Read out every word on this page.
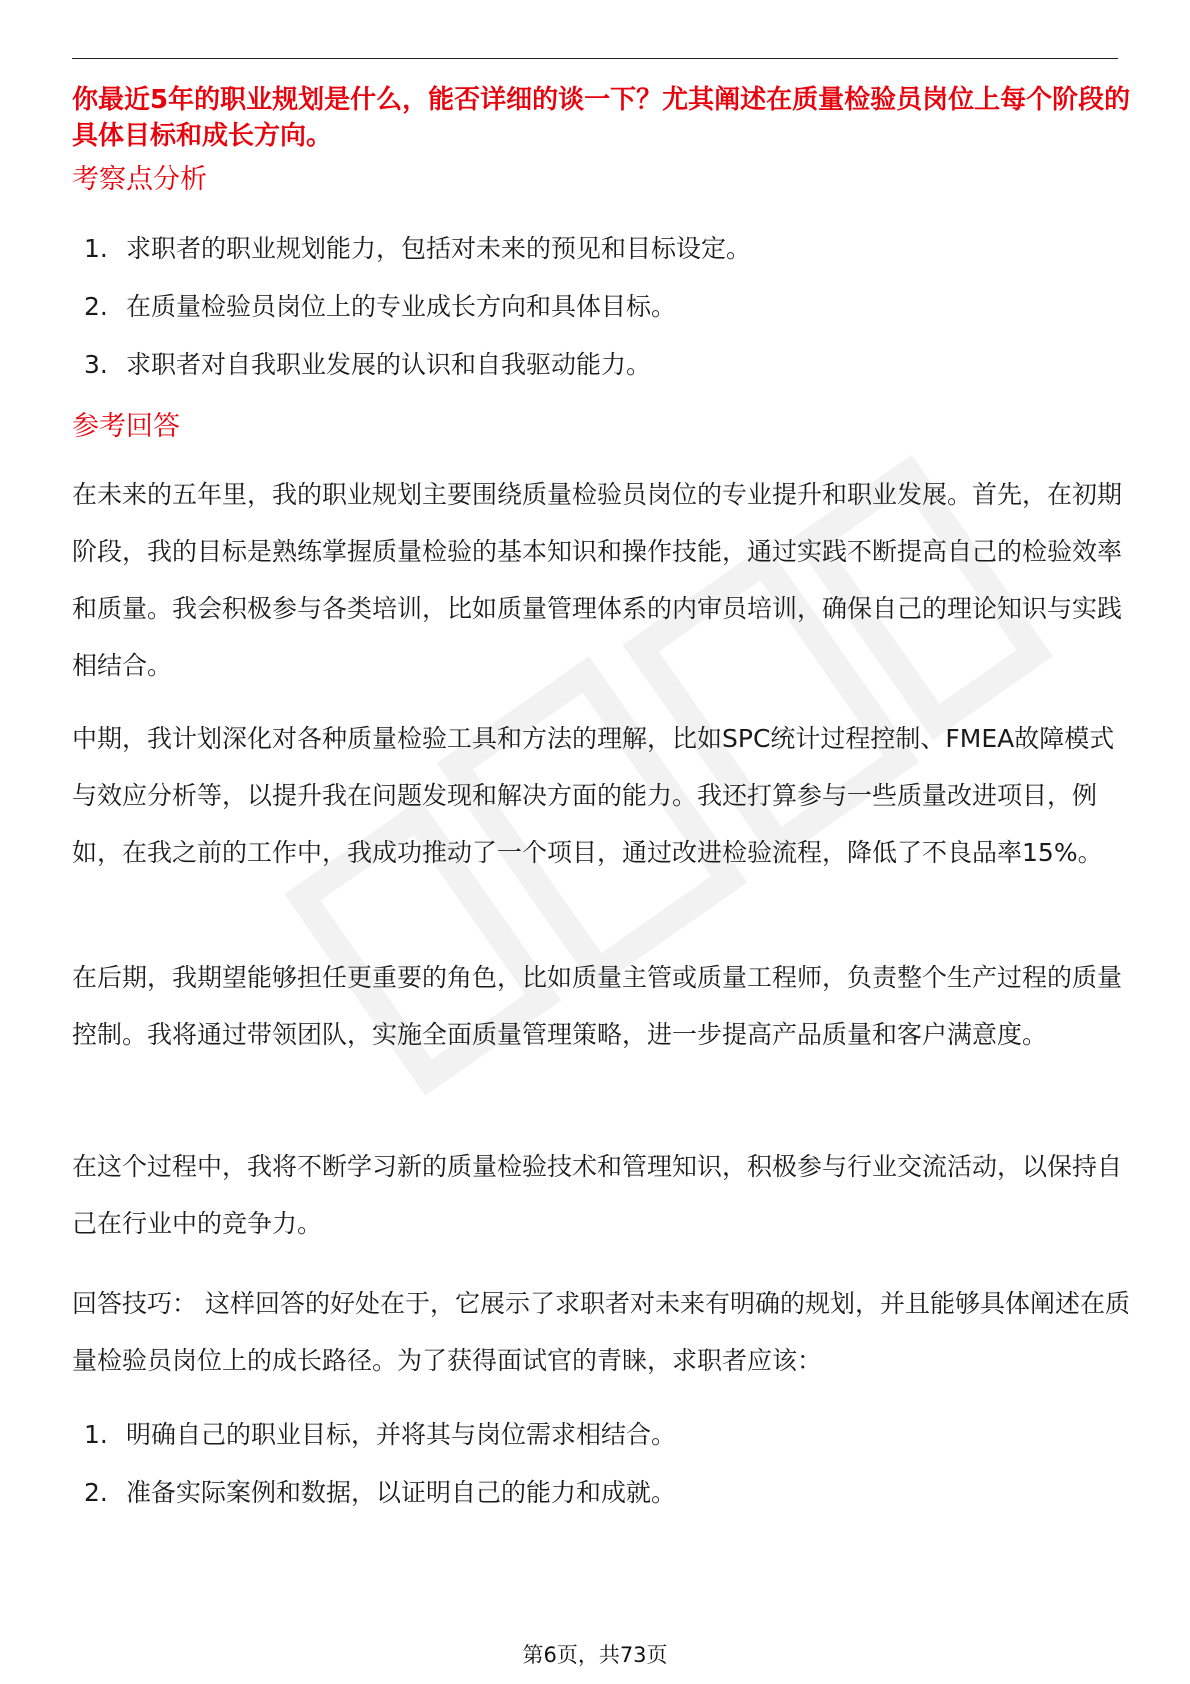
你最近5年的职业规划是什么，能否详细的谈一下？尤其阐述在质量检验员岗位上每个阶段的具体目标和成长方向。
考察点分析
1. 求职者的职业规划能力，包括对未来的预见和目标设定。
2. 在质量检验员岗位上的专业成长方向和具体目标。
3. 求职者对自我职业发展的认识和自我驱动能力。
参考回答

在未来的五年里，我的职业规划主要围绕质量检验员岗位的专业提升和职业发展。首先，在初期阶段，我的目标是熟练掌握质量检验的基本知识和操作技能，通过实践不断提高自己的检验效率和质量。我会积极参与各类培训，比如质量管理体系的内审员培训，确保自己的理论知识与实践相结合。

中期，我计划深化对各种质量检验工具和方法的理解，比如SPC统计过程控制、FMEA故障模式与效应分析等，以提升我在问题发现和解决方面的能力。我还打算参与一些质量改进项目，例如，在我之前的工作中，我成功推动了一个项目，通过改进检验流程，降低了不良品率15%。

在后期，我期望能够担任更重要的角色，比如质量主管或质量工程师，负责整个生产过程的质量控制。我将通过带领团队，实施全面质量管理策略，进一步提高产品质量和客户满意度。

在这个过程中，我将不断学习新的质量检验技术和管理知识，积极参与行业交流活动，以保持自己在行业中的竞争力。

回答技巧： 这样回答的好处在于，它展示了求职者对未来有明确的规划，并且能够具体阐述在质量检验员岗位上的成长路径。为了获得面试官的青睐，求职者应该：

1. 明确自己的职业目标，并将其与岗位需求相结合。
2. 准备实际案例和数据，以证明自己的能力和成就。
第6页，共73页
